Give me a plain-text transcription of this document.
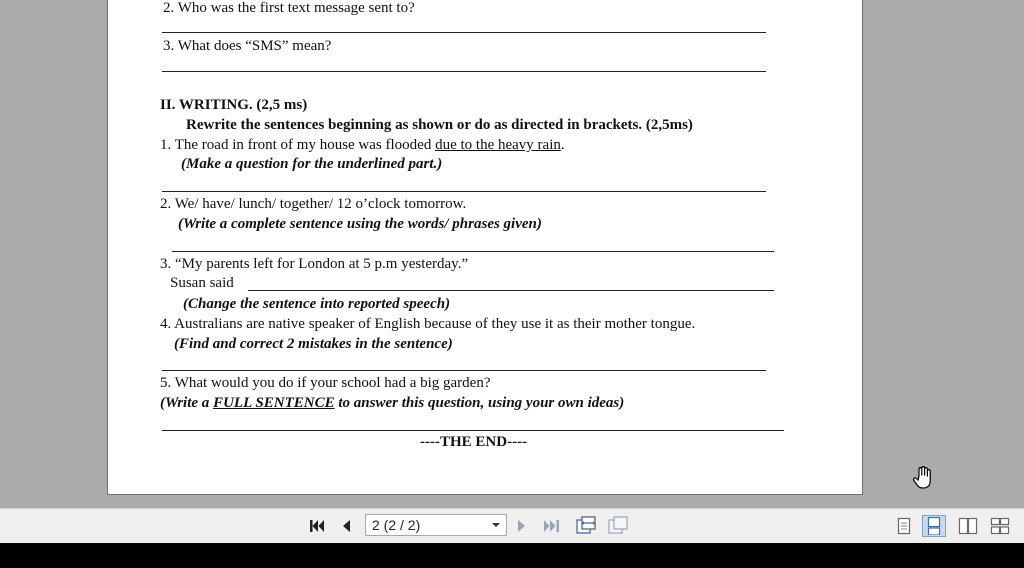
2. Who was the first text message sent to?
3. What does “SMS” mean?
II. WRITING. (2,5 ms)
Rewrite the sentences beginning as shown or do as directed in brackets. (2,5ms)
1. The road in front of my house was flooded due to the heavy rain.
(Make a question for the underlined part.)
2. We/ have/ lunch/ together/ 12 o’clock tomorrow.
(Write a complete sentence using the words/ phrases given)
3. “My parents left for London at 5 p.m yesterday.”
Susan said
(Change the sentence into reported speech)
4. Australians are native speaker of English because of they use it as their mother tongue.
(Find and correct 2 mistakes in the sentence)
5. What would you do if your school had a big garden?
(Write a FULL SENTENCE to answer this question, using your own ideas)
----THE END----
2 (2 / 2)
